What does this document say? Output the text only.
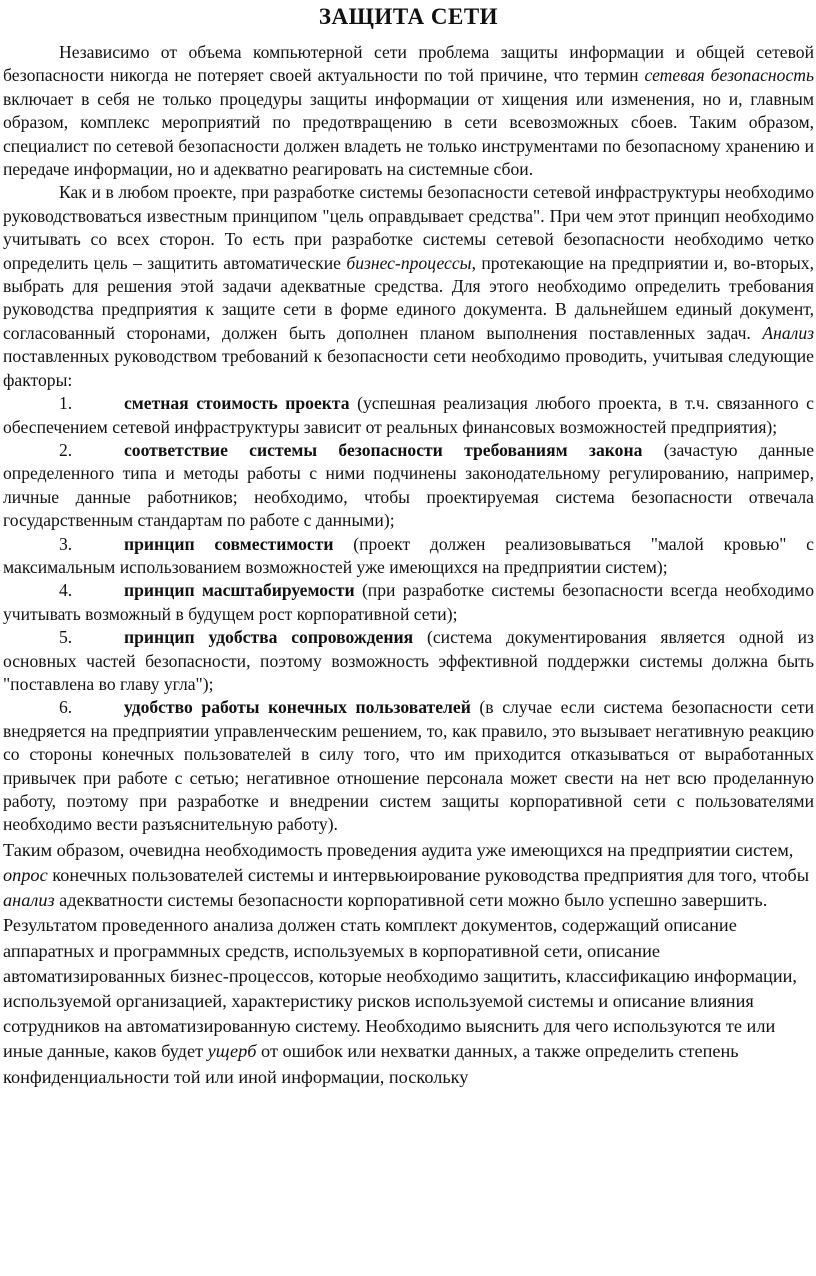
ЗАЩИТА СЕТИ

Независимо от объема компьютерной сети проблема защиты информации и общей сетевой безопасности никогда не потеряет своей актуальности по той причине, что термин сетевая безопасность включает в себя не только процедуры защиты информации от хищения или изменения, но и, главным образом, комплекс мероприятий по предотвращению в сети всевозможных сбоев. Таким образом, специалист по сетевой безопасности должен владеть не только инструментами по безопасному хранению и передаче информации, но и адекватно реагировать на системные сбои.

Как и в любом проекте, при разработке системы безопасности сетевой инфраструктуры необходимо руководствоваться известным принципом "цель оправдывает средства". При чем этот принцип необходимо учитывать со всех сторон. То есть при разработке системы сетевой безопасности необходимо четко определить цель – защитить автоматические бизнес-процессы, протекающие на предприятии и, во-вторых, выбрать для решения этой задачи адекватные средства. Для этого необходимо определить требования руководства предприятия к защите сети в форме единого документа. В дальнейшем единый документ, согласованный сторонами, должен быть дополнен планом выполнения поставленных задач. Анализ поставленных руководством требований к безопасности сети необходимо проводить, учитывая следующие факторы:

1.	сметная стоимость проекта (успешная реализация любого проекта, в т.ч. связанного с обеспечением сетевой инфраструктуры зависит от реальных финансовых возможностей предприятия);

2.	соответствие системы безопасности требованиям закона (зачастую данные определенного типа и методы работы с ними подчинены законодательному регулированию, например, личные данные работников; необходимо, чтобы проектируемая система безопасности отвечала государственным стандартам по работе с данными);

3.	принцип совместимости (проект должен реализовываться "малой кровью" с максимальным использованием возможностей уже имеющихся на предприятии систем);

4.	принцип масштабируемости (при разработке системы безопасности всегда необходимо учитывать возможный в будущем рост корпоративной сети);

5.	принцип удобства сопровождения (система документирования является одной из основных частей безопасности, поэтому возможность эффективной поддержки системы должна быть "поставлена во главу угла");

6.	удобство работы конечных пользователей (в случае если система безопасности сети внедряется на предприятии управленческим решением, то, как правило, это вызывает негативную реакцию со стороны конечных пользователей в силу того, что им приходится отказываться от выработанных привычек при работе с сетью; негативное отношение персонала может свести на нет всю проделанную работу, поэтому при разработке и внедрении систем защиты корпоративной сети с пользователями необходимо вести разъяснительную работу).

Таким образом, очевидна необходимость проведения аудита уже имеющихся на предприятии систем, опрос конечных пользователей системы и интервьюирование руководства предприятия для того, чтобы анализ адекватности системы безопасности корпоративной сети можно было успешно завершить. Результатом проведенного анализа должен стать комплект документов, содержащий описание аппаратных и программных средств, используемых в корпоративной сети, описание автоматизированных бизнес-процессов, которые необходимо защитить, классификацию информации, используемой организацией, характеристику рисков используемой системы и описание влияния сотрудников на автоматизированную систему. Необходимо выяснить для чего используются те или иные данные, каков будет ущерб от ошибок или нехватки данных, а также определить степень конфиденциальности той или иной информации, поскольку
